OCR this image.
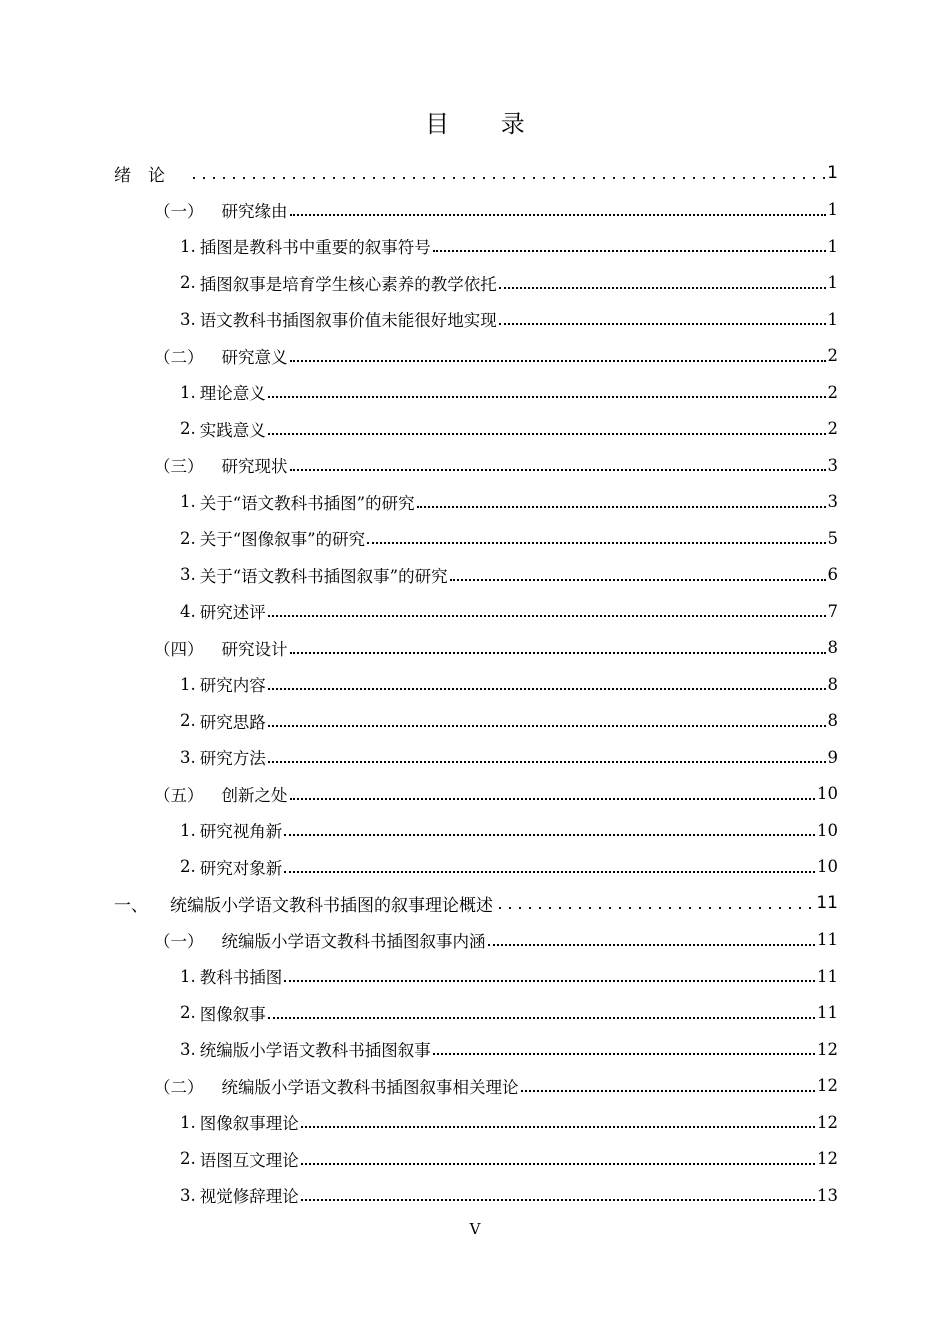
目 录
绪　论	1
（一） 研究缘由	1
1. 插图是教科书中重要的叙事符号	1
2. 插图叙事是培育学生核心素养的教学依托	1
3. 语文教科书插图叙事价值未能很好地实现	1
（二） 研究意义	2
1. 理论意义	2
2. 实践意义	2
（三） 研究现状	3
1. 关于“语文教科书插图”的研究	3
2. 关于“图像叙事”的研究	5
3. 关于“语文教科书插图叙事”的研究	6
4. 研究述评	7
（四） 研究设计	8
1. 研究内容	8
2. 研究思路	8
3. 研究方法	9
（五） 创新之处	10
1. 研究视角新	10
2. 研究对象新	10
一、 统编版小学语文教科书插图的叙事理论概述	11
（一） 统编版小学语文教科书插图叙事内涵	11
1. 教科书插图	11
2. 图像叙事	11
3. 统编版小学语文教科书插图叙事	12
（二） 统编版小学语文教科书插图叙事相关理论	12
1. 图像叙事理论	12
2. 语图互文理论	12
3. 视觉修辞理论	13
V
